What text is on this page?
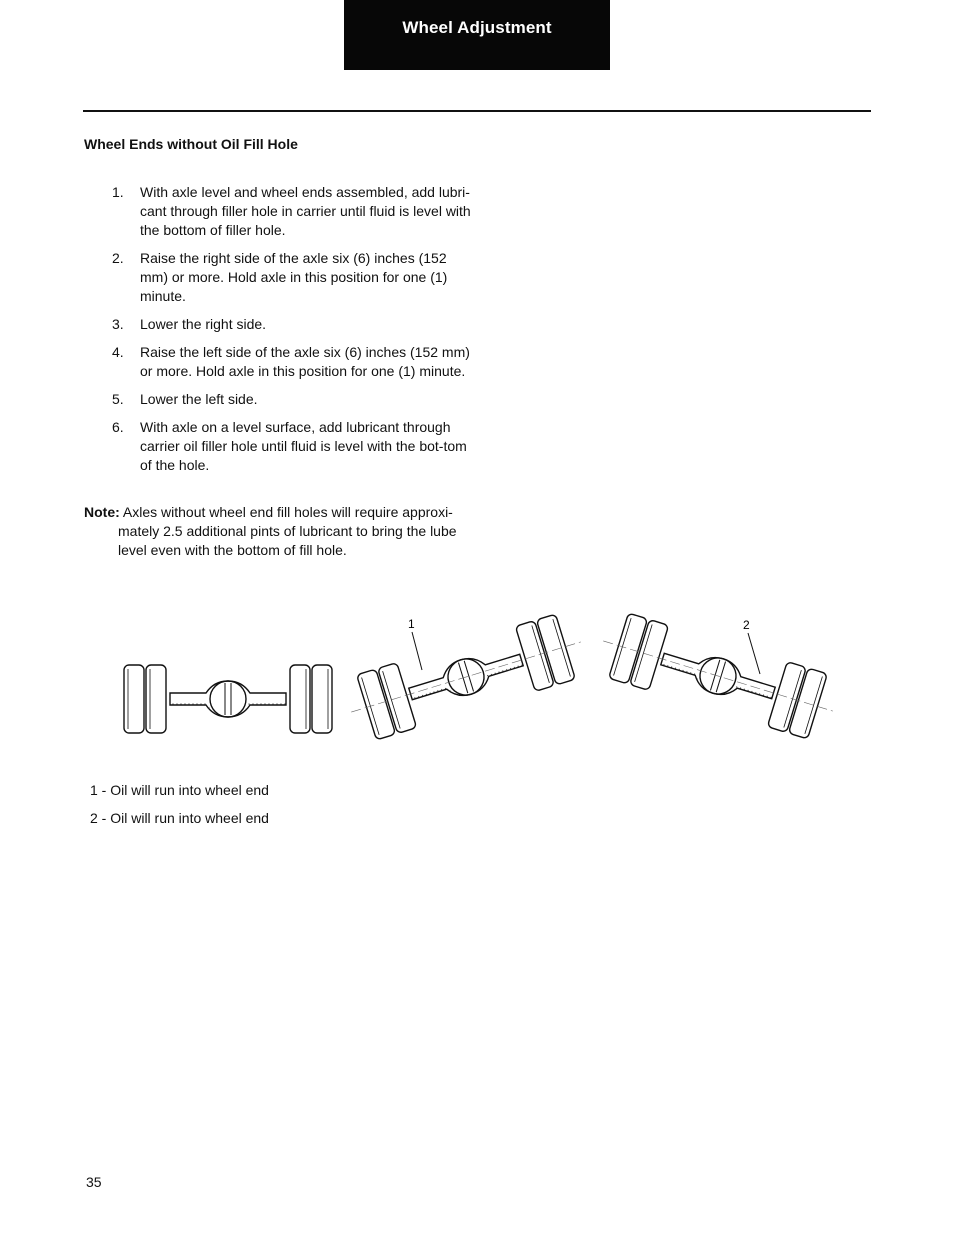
Wheel Adjustment
Wheel Ends without Oil Fill Hole
1. With axle level and wheel ends assembled, add lubri-cant through filler hole in carrier until fluid is level with the bottom of filler hole.
2. Raise the right side of the axle six (6) inches (152 mm) or more. Hold axle in this position for one (1) minute.
3. Lower the right side.
4. Raise the left side of the axle six (6) inches (152 mm) or more. Hold axle in this position for one (1) minute.
5. Lower the left side.
6. With axle on a level surface, add lubricant through carrier oil filler hole until fluid is level with the bot-tom of the hole.
Note: Axles without wheel end fill holes will require approxi-mately 2.5 additional pints of lubricant to bring the lube level even with the bottom of fill hole.
1	2
1 - Oil will run into wheel end
2 - Oil will run into wheel end
35
